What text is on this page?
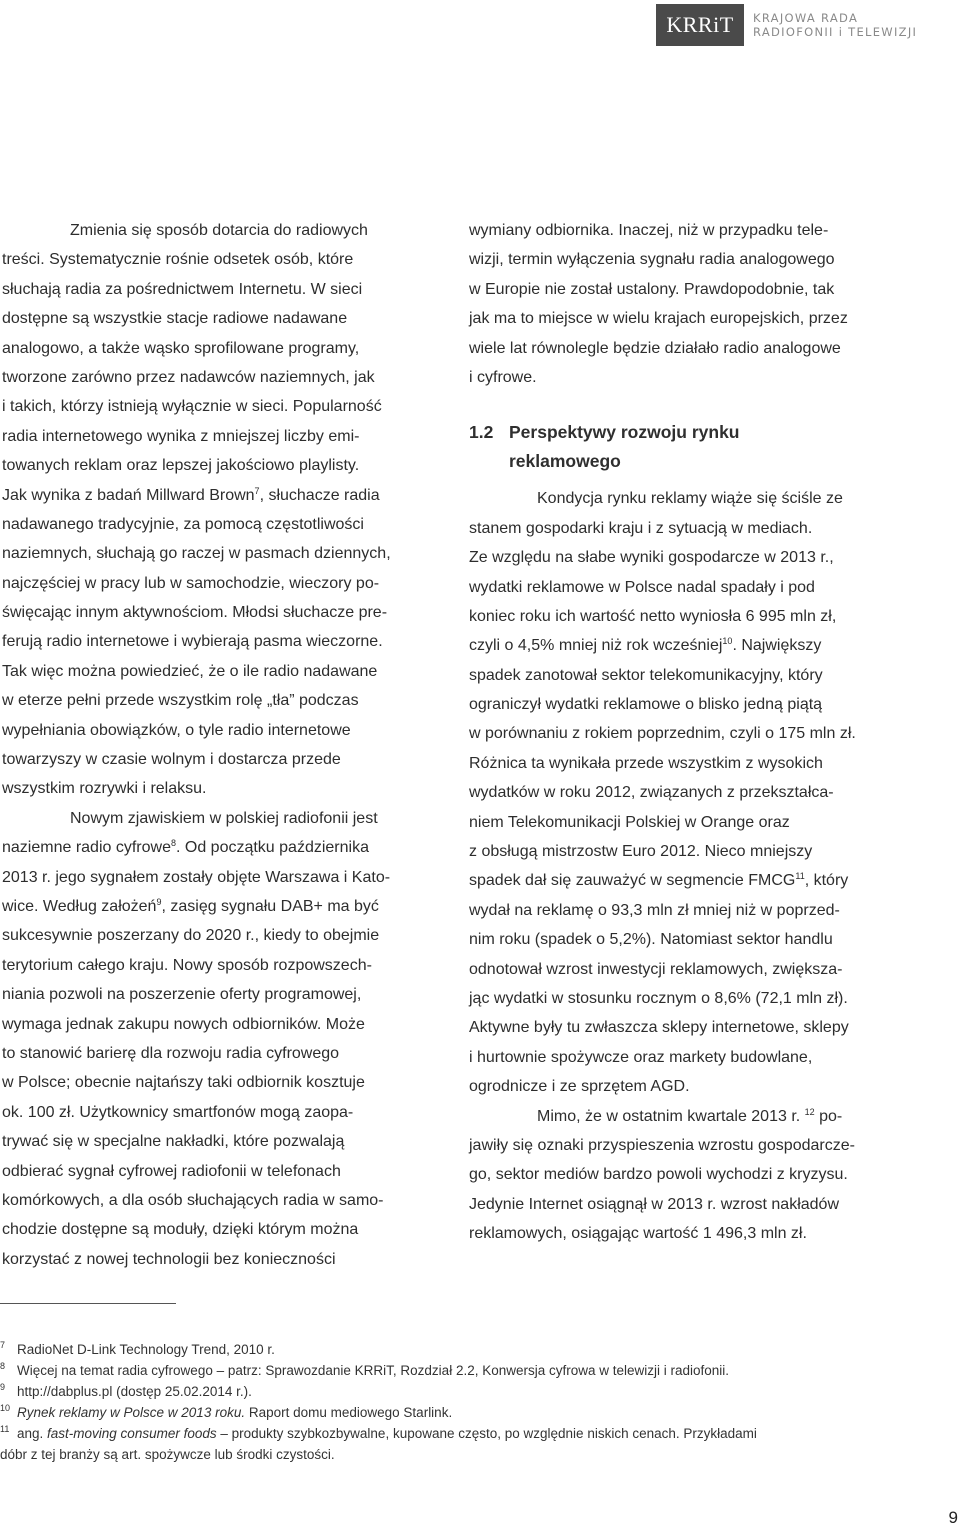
KRRiT	KRAJOWA RADA
RADIOFONII i TELEWIZJI
Zmienia się sposób dotarcia do radiowych
treści. Systematycznie rośnie odsetek osób, które
słuchają radia za pośrednictwem Internetu. W sieci
dostępne są wszystkie stacje radiowe nadawane
analogowo, a także wąsko sprofilowane programy,
tworzone zarówno przez nadawców naziemnych, jak
i takich, którzy istnieją wyłącznie w sieci. Popularność
radia internetowego wynika z mniejszej liczby emi-
towanych reklam oraz lepszej jakościowo playlisty.
Jak wynika z badań Millward Brown$^7$, słuchacze radia
nadawanego tradycyjnie, za pomocą częstotliwości
naziemnych, słuchają go raczej w pasmach dziennych,
najczęściej w pracy lub w samochodzie, wieczory po-
święcając innym aktywnościom. Młodsi słuchacze pre-
ferują radio internetowe i wybierają pasma wieczorne.
Tak więc można powiedzieć, że o ile radio nadawane
w eterze pełni przede wszystkim rolę „tła” podczas
wypełniania obowiązków, o tyle radio internetowe
towarzyszy w czasie wolnym i dostarcza przede
wszystkim rozrywki i relaksu.
Nowym zjawiskiem w polskiej radiofonii jest
naziemne radio cyfrowe$^8$. Od początku października
2013 r. jego sygnałem zostały objęte Warszawa i Kato-
wice. Według założeń$^9$, zasięg sygnału DAB+ ma być
sukcesywnie poszerzany do 2020 r., kiedy to obejmie
terytorium całego kraju. Nowy sposób rozpowszech-
niania pozwoli na poszerzenie oferty programowej,
wymaga jednak zakupu nowych odbiorników. Może
to stanowić barierę dla rozwoju radia cyfrowego
w Polsce; obecnie najtańszy taki odbiornik kosztuje
ok. 100 zł. Użytkownicy smartfonów mogą zaopa-
trywać się w specjalne nakładki, które pozwalają
odbierać sygnał cyfrowej radiofonii w telefonach
komórkowych, a dla osób słuchających radia w samo-
chodzie dostępne są moduły, dzięki którym można
korzystać z nowej technologii bez konieczności
wymiany odbiornika. Inaczej, niż w przypadku tele-
wizji, termin wyłączenia sygnału radia analogowego
w Europie nie został ustalony. Prawdopodobnie, tak
jak ma to miejsce w wielu krajach europejskich, przez
wiele lat równolegle będzie działało radio analogowe
i cyfrowe.
1.2 Perspektywy rozwoju rynku
reklamowego
Kondycja rynku reklamy wiąże się ściśle ze
stanem gospodarki kraju i z sytuacją w mediach.
Ze względu na słabe wyniki gospodarcze w 2013 r.,
wydatki reklamowe w Polsce nadal spadały i pod
koniec roku ich wartość netto wyniosła 6 995 mln zł,
czyli o 4,5% mniej niż rok wcześniej$^{10}$. Największy
spadek zanotował sektor telekomunikacyjny, który
ograniczył wydatki reklamowe o blisko jedną piątą
w porównaniu z rokiem poprzednim, czyli o 175 mln zł.
Różnica ta wynikała przede wszystkim z wysokich
wydatków w roku 2012, związanych z przekształca-
niem Telekomunikacji Polskiej w Orange oraz
z obsługą mistrzostw Euro 2012. Nieco mniejszy
spadek dał się zauważyć w segmencie FMCG$^{11}$, który
wydał na reklamę o 93,3 mln zł mniej niż w poprzed-
nim roku (spadek o 5,2%). Natomiast sektor handlu
odnotował wzrost inwestycji reklamowych, zwiększa-
jąc wydatki w stosunku rocznym o 8,6% (72,1 mln zł).
Aktywne były tu zwłaszcza sklepy internetowe, sklepy
i hurtownie spożywcze oraz markety budowlane,
ogrodnicze i ze sprzętem AGD.
Mimo, że w ostatnim kwartale 2013 r. $^{12}$ po-
jawiły się oznaki przyspieszenia wzrostu gospodarcze-
go, sektor mediów bardzo powoli wychodzi z kryzysu.
Jedynie Internet osiągnął w 2013 r. wzrost nakładów
reklamowych, osiągając wartość 1 496,3 mln zł.
7 RadioNet D-Link Technology Trend, 2010 r.
8 Więcej na temat radia cyfrowego – patrz: Sprawozdanie KRRiT, Rozdział 2.2, Konwersja cyfrowa w telewizji i radiofonii.
9 http://dabplus.pl (dostęp 25.02.2014 r.).
10 Rynek reklamy w Polsce w 2013 roku. Raport domu mediowego Starlink.
11 ang. fast-moving consumer foods – produkty szybkozbywalne, kupowane często, po względnie niskich cenach. Przykładami
dóbr z tej branży są art. spożywcze lub środki czystości.
9
